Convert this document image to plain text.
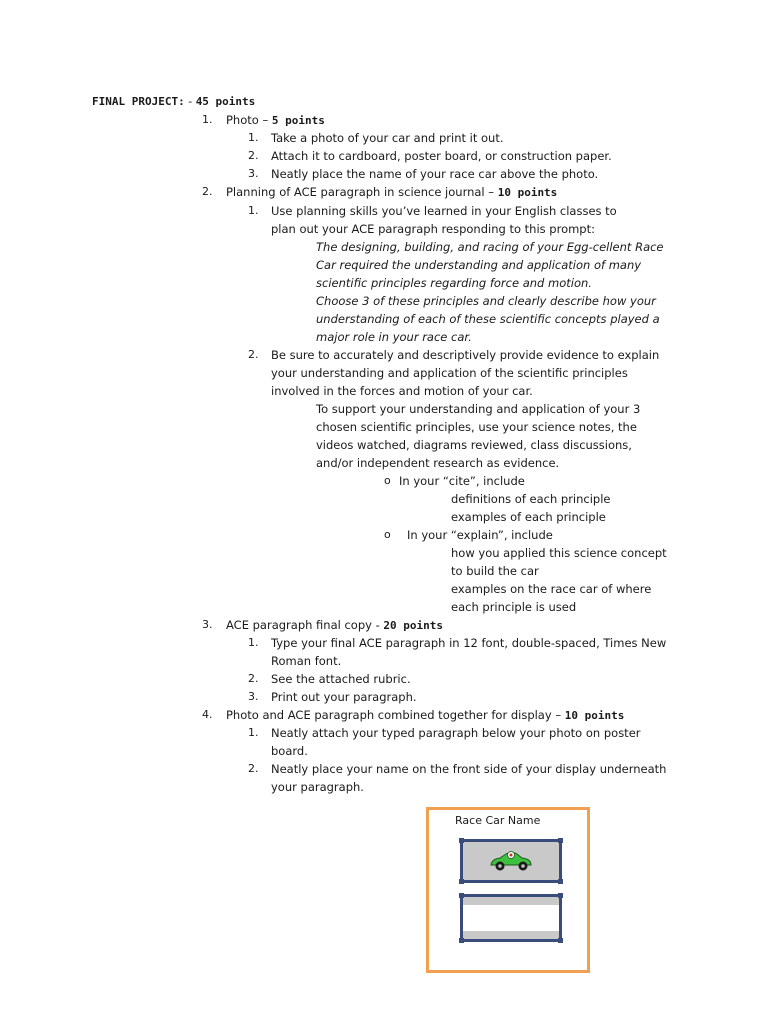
FINAL PROJECT: - 45 points
1. Photo – 5 points
1. Take a photo of your car and print it out.
2. Attach it to cardboard, poster board, or construction paper.
3. Neatly place the name of your race car above the photo.
2. Planning of ACE paragraph in science journal – 10 points
1. Use planning skills you’ve learned in your English classes to
plan out your ACE paragraph responding to this prompt:
The designing, building, and racing of your Egg-cellent Race
Car required the understanding and application of many
scientific principles regarding force and motion.
Choose 3 of these principles and clearly describe how your
understanding of each of these scientific concepts played a
major role in your race car.
2. Be sure to accurately and descriptively provide evidence to explain
your understanding and application of the scientific principles
involved in the forces and motion of your car.
To support your understanding and application of your 3
chosen scientific principles, use your science notes, the
videos watched, diagrams reviewed, class discussions,
and/or independent research as evidence.
o In your “cite”, include
definitions of each principle
examples of each principle
o In your “explain”, include
how you applied this science concept
to build the car
examples on the race car of where
each principle is used
3. ACE paragraph final copy - 20 points
1. Type your final ACE paragraph in 12 font, double-spaced, Times New
Roman font.
2. See the attached rubric.
3. Print out your paragraph.
4. Photo and ACE paragraph combined together for display – 10 points
1. Neatly attach your typed paragraph below your photo on poster
board.
2. Neatly place your name on the front side of your display underneath
your paragraph.
Race Car Name
